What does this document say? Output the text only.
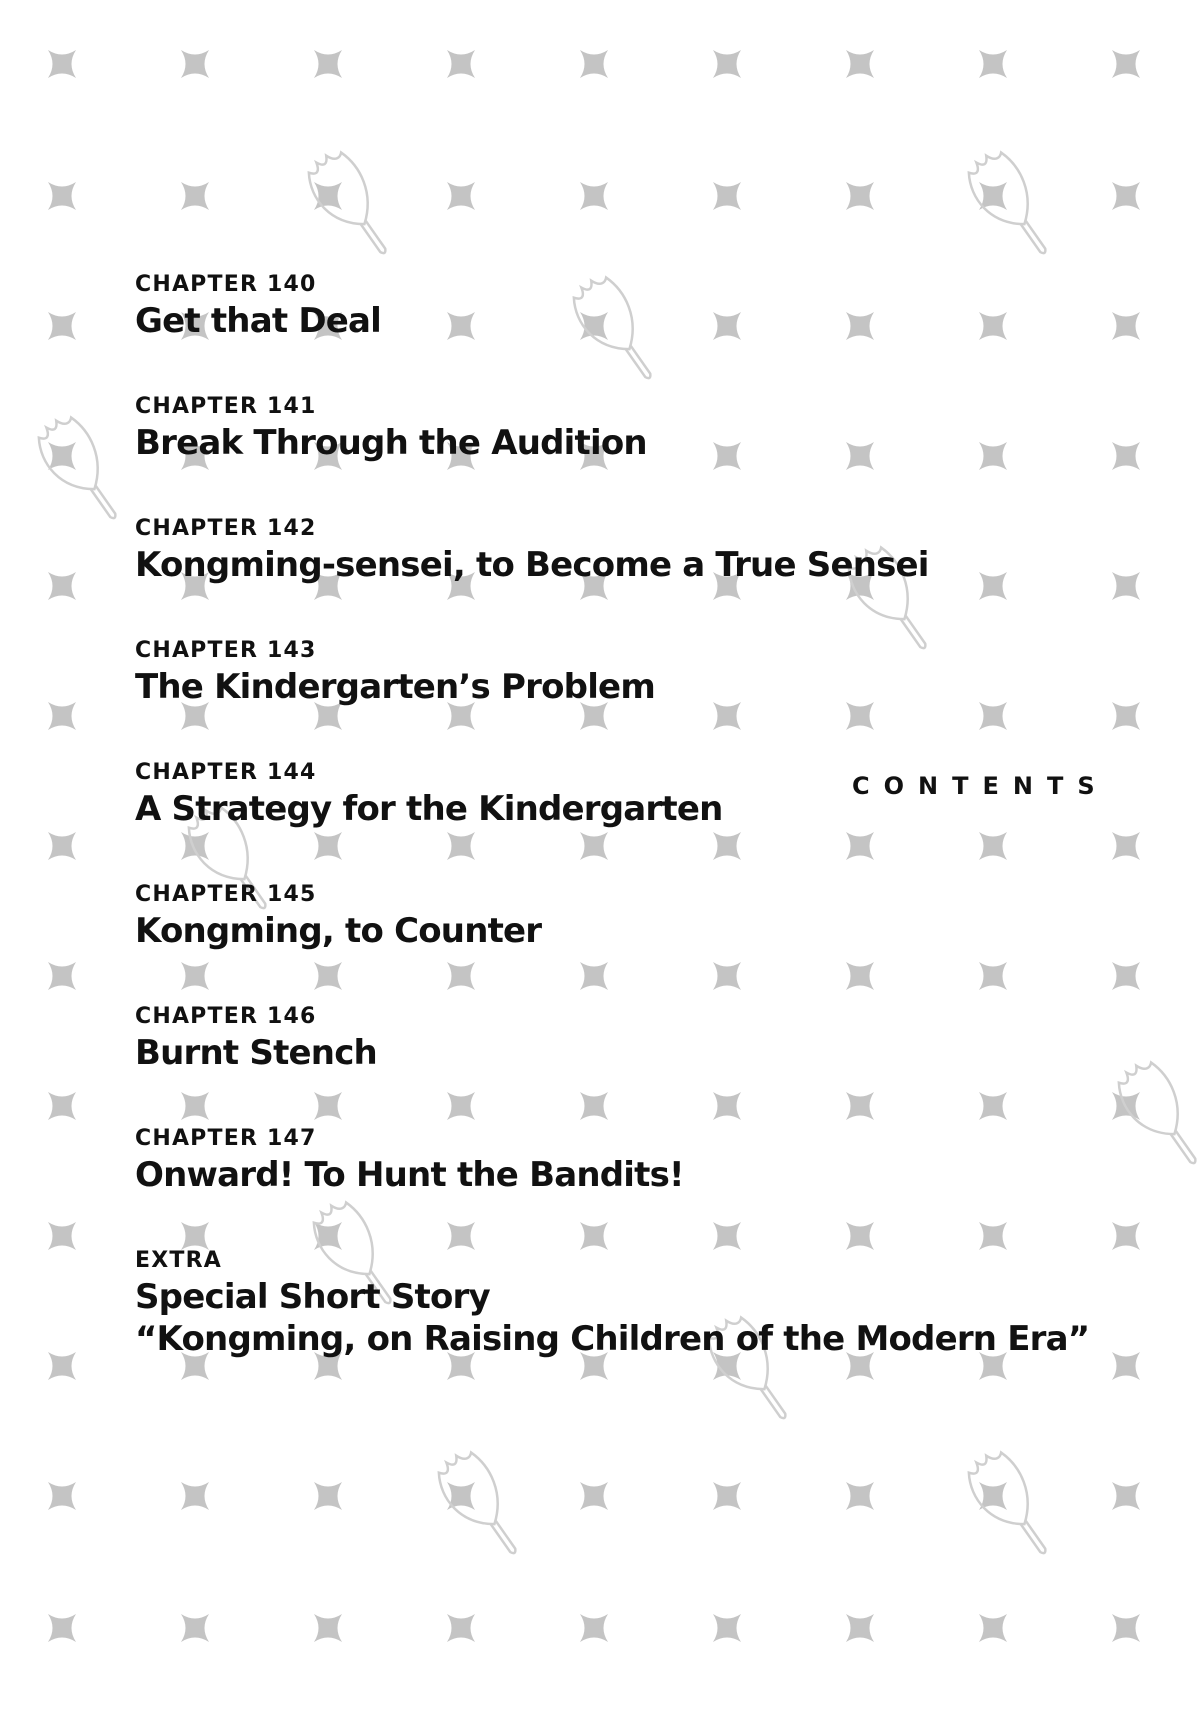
CONTENTS
CHAPTER 140
Get that Deal
CHAPTER 141
Break Through the Audition
CHAPTER 142
Kongming-sensei, to Become a True Sensei
CHAPTER 143
The Kindergarten’s Problem
CHAPTER 144
A Strategy for the Kindergarten
CHAPTER 145
Kongming, to Counter
CHAPTER 146
Burnt Stench
CHAPTER 147
Onward! To Hunt the Bandits!
EXTRA
Special Short Story
“Kongming, on Raising Children of the Modern Era”
